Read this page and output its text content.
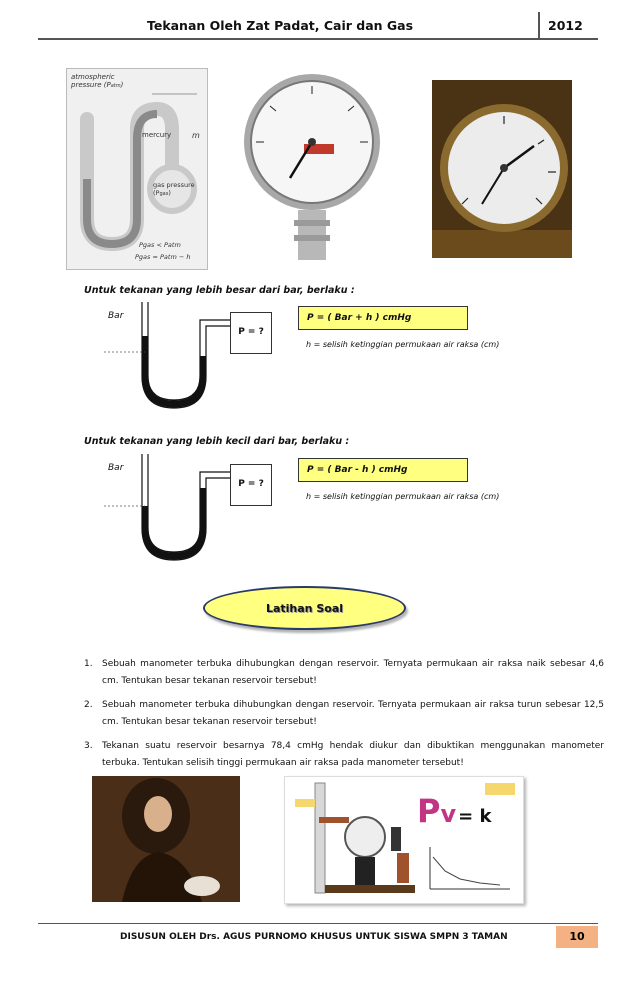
Tekanan Oleh Zat Padat, Cair dan Gas	2012
atmospheric pressure (Patm)
mercury	m
gas pressure (Pgas)
Pgas < Patm
Pgas = Patm − h
Untuk tekanan yang lebih besar dari bar, berlaku :
Bar
P = ?
P = ( Bar + h ) cmHg
h = selisih ketinggian permukaan air raksa (cm)
Untuk tekanan yang lebih kecil dari bar, berlaku :
Bar
P = ?
P = ( Bar - h ) cmHg
h = selisih ketinggian permukaan air raksa (cm)
Latihan Soal
1. Sebuah manometer terbuka dihubungkan dengan reservoir. Ternyata permukaan air raksa naik sebesar 4,6 cm. Tentukan besar tekanan reservoir tersebut!
2. Sebuah manometer terbuka dihubungkan dengan reservoir. Ternyata permukaan air raksa turun sebesar 12,5 cm. Tentukan besar tekanan reservoir tersebut!
3. Tekanan suatu reservoir besarnya 78,4 cmHg hendak diukur dan dibuktikan menggunakan manometer terbuka. Tentukan selisih tinggi permukaan air raksa pada manometer tersebut!
Pv = k
DISUSUN OLEH Drs. AGUS PURNOMO KHUSUS UNTUK SISWA SMPN 3 TAMAN	10
